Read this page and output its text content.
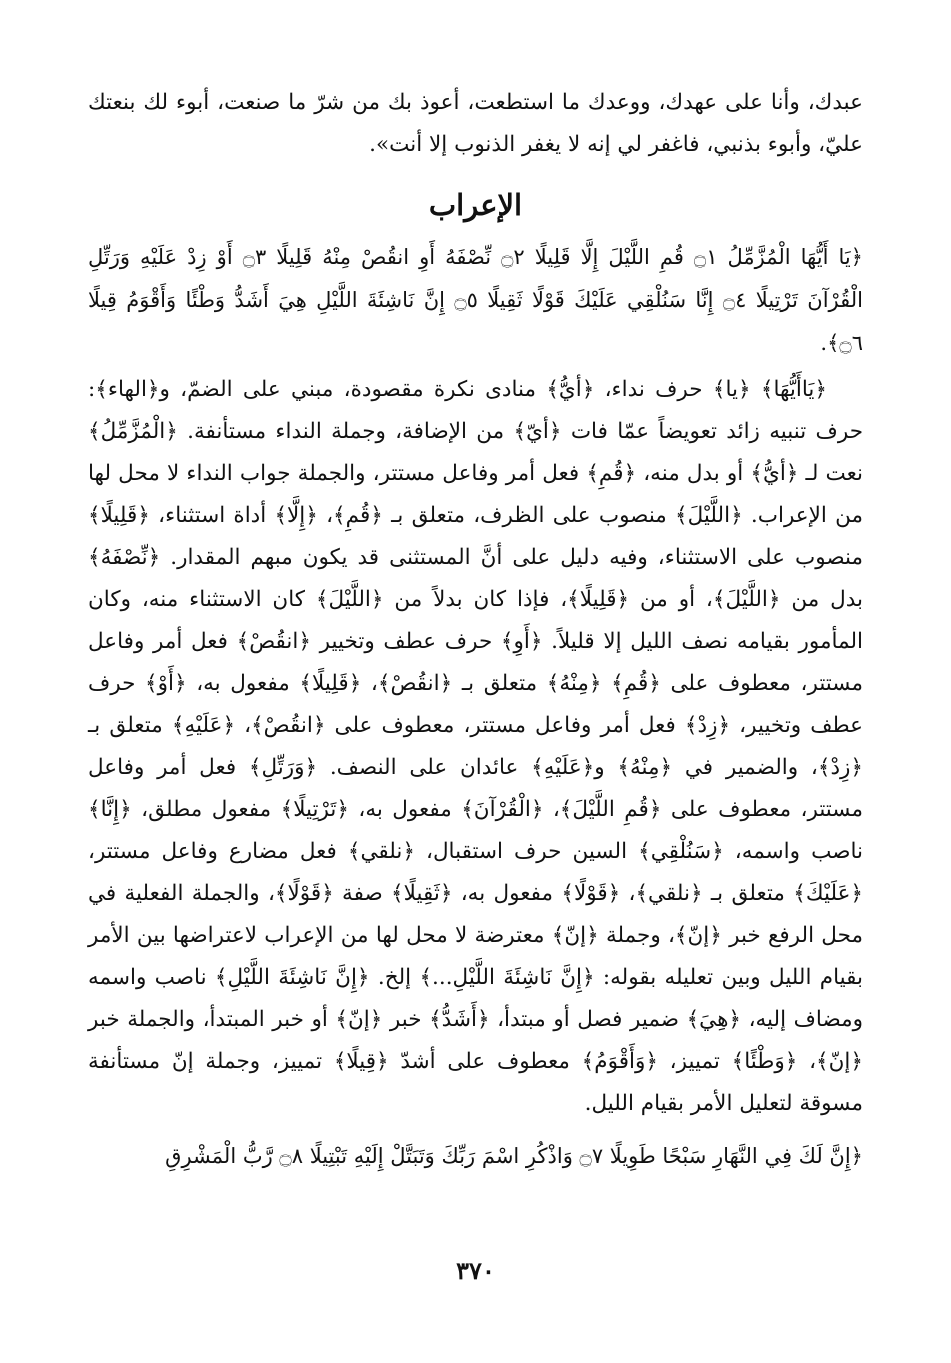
عبدك، وأنا على عهدك، ووعدك ما استطعت، أعوذ بك من شرّ ما صنعت، أبوء لك بنعتك عليّ، وأبوء بذنبي، فاغفر لي إنه لا يغفر الذنوب إلا أنت».

الإعراب

﴿يَا أَيُّهَا الْمُزَّمِّلُ ۝١ قُمِ اللَّيْلَ إِلَّا قَلِيلًا ۝٢ نِّصْفَهُ أَوِ انقُصْ مِنْهُ قَلِيلًا ۝٣ أَوْ زِدْ عَلَيْهِ وَرَتِّلِ الْقُرْآنَ تَرْتِيلًا ۝٤ إِنَّا سَنُلْقِي عَلَيْكَ قَوْلًا ثَقِيلًا ۝٥ إِنَّ نَاشِئَةَ اللَّيْلِ هِيَ أَشَدُّ وَطْئًا وَأَقْوَمُ قِيلًا ۝٦﴾.

﴿يَاأَيُّهَا﴾ ﴿يا﴾ حرف نداء، ﴿أيُّ﴾ منادى نكرة مقصودة، مبني على الضمّ، و﴿الهاء﴾: حرف تنبيه زائد تعويضاً عمّا فات ﴿أيّ﴾ من الإضافة، وجملة النداء مستأنفة. ﴿الْمُزَّمِّلُ﴾ نعت لـ ﴿أيُّ﴾ أو بدل منه، ﴿قُمِ﴾ فعل أمر وفاعل مستتر، والجملة جواب النداء لا محل لها من الإعراب. ﴿اللَّيْلَ﴾ منصوب على الظرف، متعلق بـ ﴿قُمِ﴾، ﴿إِلَّا﴾ أداة استثناء، ﴿قَلِيلًا﴾ منصوب على الاستثناء، وفيه دليل على أنَّ المستثنى قد يكون مبهم المقدار. ﴿نِّصْفَهُ﴾ بدل من ﴿اللَّيْلَ﴾، أو من ﴿قَلِيلًا﴾، فإذا كان بدلاً من ﴿اللَّيْلَ﴾ كان الاستثناء منه، وكان المأمور بقيامه نصف الليل إلا قليلاً. ﴿أَوِ﴾ حرف عطف وتخيير ﴿انقُصْ﴾ فعل أمر وفاعل مستتر، معطوف على ﴿قُمِ﴾ ﴿مِنْهُ﴾ متعلق بـ ﴿انقُصْ﴾، ﴿قَلِيلًا﴾ مفعول به، ﴿أَوْ﴾ حرف عطف وتخيير، ﴿زِدْ﴾ فعل أمر وفاعل مستتر، معطوف على ﴿انقُصْ﴾، ﴿عَلَيْهِ﴾ متعلق بـ ﴿زِدْ﴾، والضمير في ﴿مِنْهُ﴾ و﴿عَلَيْهِ﴾ عائدان على النصف. ﴿وَرَتِّلِ﴾ فعل أمر وفاعل مستتر، معطوف على ﴿قُمِ اللَّيْلَ﴾، ﴿الْقُرْآنَ﴾ مفعول به، ﴿تَرْتِيلًا﴾ مفعول مطلق، ﴿إِنَّا﴾ ناصب واسمه، ﴿سَنُلْقِي﴾ السين حرف استقبال، ﴿نلقي﴾ فعل مضارع وفاعل مستتر، ﴿عَلَيْكَ﴾ متعلق بـ ﴿نلقي﴾، ﴿قَوْلًا﴾ مفعول به، ﴿ثَقِيلًا﴾ صفة ﴿قَوْلًا﴾، والجملة الفعلية في محل الرفع خبر ﴿إنّ﴾، وجملة ﴿إنّ﴾ معترضة لا محل لها من الإعراب لاعتراضها بين الأمر بقيام الليل وبين تعليله بقوله: ﴿إِنَّ نَاشِئَةَ اللَّيْلِ...﴾ إلخ. ﴿إِنَّ نَاشِئَةَ اللَّيْلِ﴾ ناصب واسمه ومضاف إليه، ﴿هِيَ﴾ ضمير فصل أو مبتدأ، ﴿أَشَدُّ﴾ خبر ﴿إنّ﴾ أو خبر المبتدأ، والجملة خبر ﴿إنّ﴾، ﴿وَطْئًا﴾ تمييز، ﴿وَأَقْوَمُ﴾ معطوف على أشدّ ﴿قِيلًا﴾ تمييز، وجملة إنّ مستأنفة مسوقة لتعليل الأمر بقيام الليل.

﴿إِنَّ لَكَ فِي النَّهَارِ سَبْحًا طَوِيلًا ۝٧ وَاذْكُرِ اسْمَ رَبِّكَ وَتَبَتَّلْ إِلَيْهِ تَبْتِيلًا ۝٨ رَّبُّ الْمَشْرِقِ

٣٧٠
